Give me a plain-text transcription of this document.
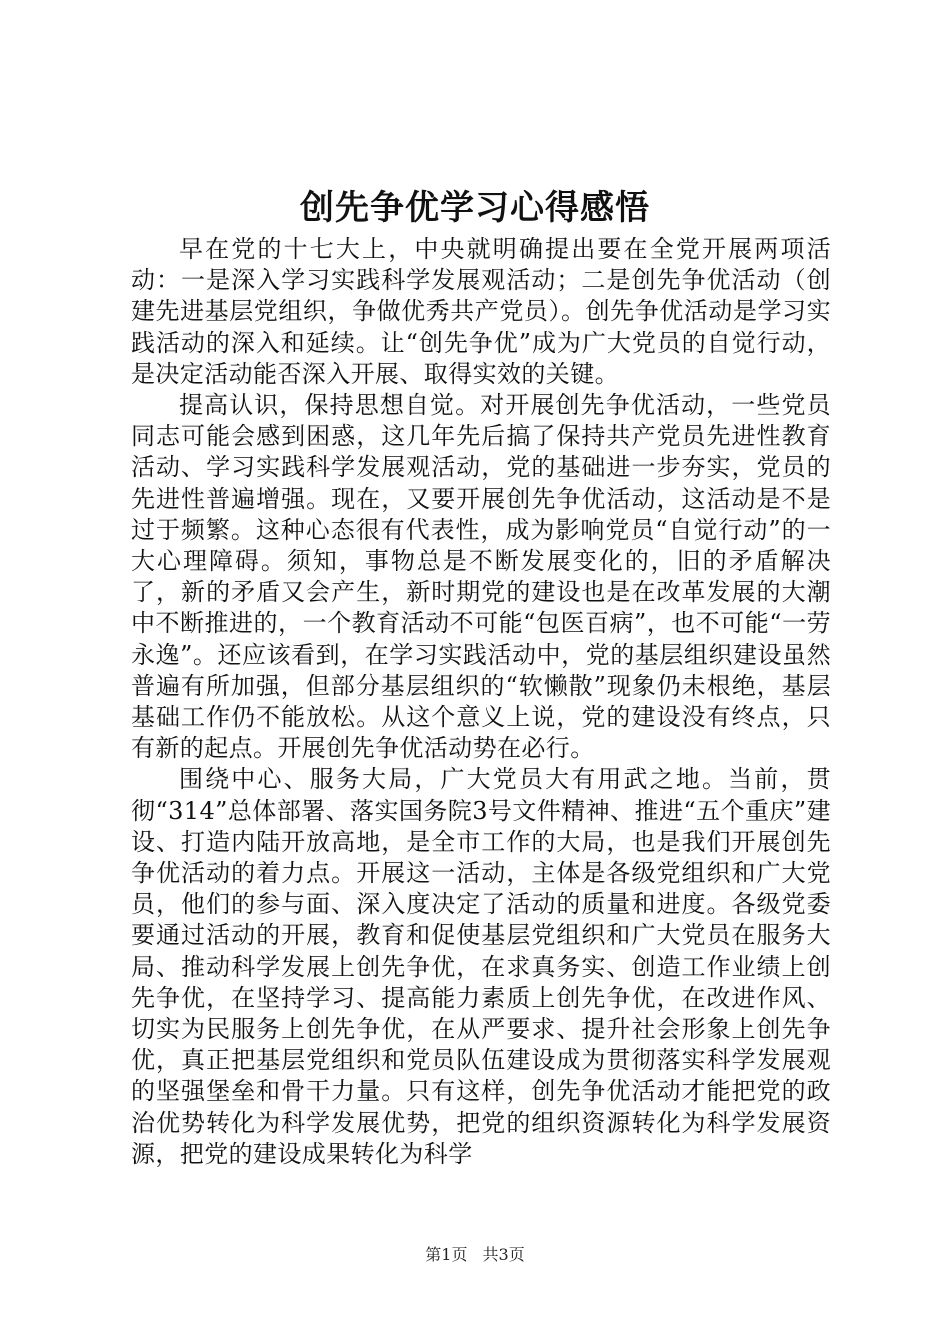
创先争优学习心得感悟

早在党的十七大上，中央就明确提出要在全党开展两项活动：一是深入学习实践科学发展观活动；二是创先争优活动（创建先进基层党组织，争做优秀共产党员）。创先争优活动是学习实践活动的深入和延续。让“创先争优”成为广大党员的自觉行动，是决定活动能否深入开展、取得实效的关键。

提高认识，保持思想自觉。对开展创先争优活动，一些党员同志可能会感到困惑，这几年先后搞了保持共产党员先进性教育活动、学习实践科学发展观活动，党的基础进一步夯实，党员的先进性普遍增强。现在，又要开展创先争优活动，这活动是不是过于频繁。这种心态很有代表性，成为影响党员“自觉行动”的一大心理障碍。须知，事物总是不断发展变化的，旧的矛盾解决了，新的矛盾又会产生，新时期党的建设也是在改革发展的大潮中不断推进的，一个教育活动不可能“包医百病”，也不可能“一劳永逸”。还应该看到，在学习实践活动中，党的基层组织建设虽然普遍有所加强，但部分基层组织的“软懒散”现象仍未根绝，基层基础工作仍不能放松。从这个意义上说，党的建设没有终点，只有新的起点。开展创先争优活动势在必行。

围绕中心、服务大局，广大党员大有用武之地。当前，贯彻“314”总体部署、落实国务院3号文件精神、推进“五个重庆”建设、打造内陆开放高地，是全市工作的大局，也是我们开展创先争优活动的着力点。开展这一活动，主体是各级党组织和广大党员，他们的参与面、深入度决定了活动的质量和进度。各级党委要通过活动的开展，教育和促使基层党组织和广大党员在服务大局、推动科学发展上创先争优，在求真务实、创造工作业绩上创先争优，在坚持学习、提高能力素质上创先争优，在改进作风、切实为民服务上创先争优，在从严要求、提升社会形象上创先争优，真正把基层党组织和党员队伍建设成为贯彻落实科学发展观的坚强堡垒和骨干力量。只有这样，创先争优活动才能把党的政治优势转化为科学发展优势，把党的组织资源转化为科学发展资源，把党的建设成果转化为科学

第1页 共3页
